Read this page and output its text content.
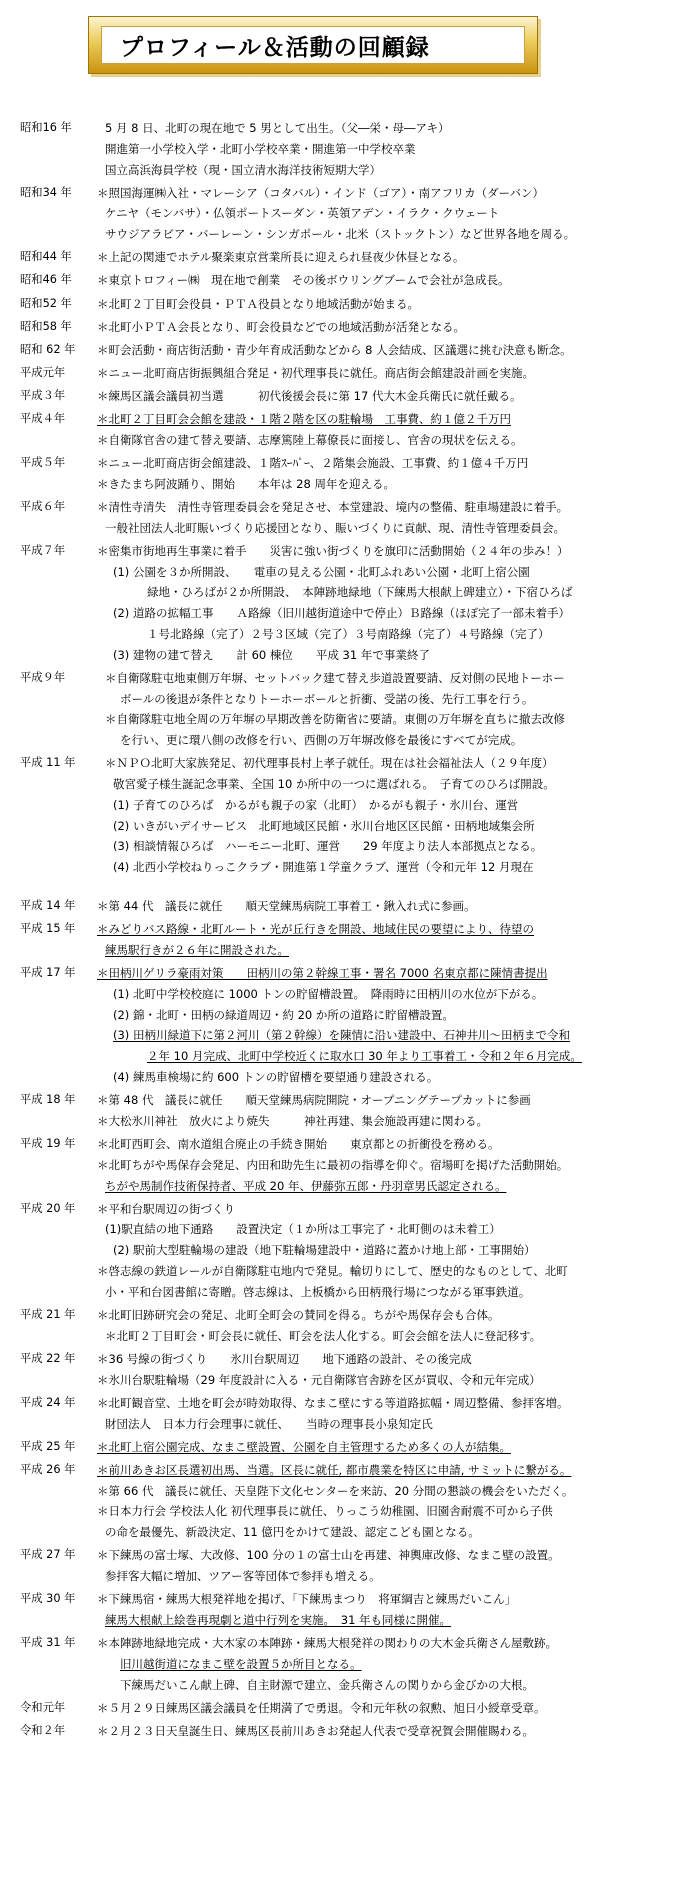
プロフィール＆活動の回顧録
昭和16 年	5 月 8 日、北町の現在地で 5 男として出生。（父―栄・母―アキ）
開進第一小学校入学・北町小学校卒業・開進第一中学校卒業
国立高浜海員学校（現・国立清水海洋技術短期大学）
昭和34 年 ＊照国海運㈱入社・マレーシア（コタバル）・インド（ゴア）・南アフリカ（ダーバン）
ケニヤ（モンバサ）・仏領ポートスーダン・英領アデン・イラク・クウェート
サウジアラビア・バーレーン・シンガポール・北米（ストックトン）など世界各地を周る。
昭和44 年 ＊上記の関連でホテル聚楽東京営業所長に迎えられ昼夜少休昼となる。
昭和46 年 ＊東京トロフィー㈱　現在地で創業　その後ボウリングブームで会社が急成長。
昭和52 年 ＊北町２丁目町会役員・ＰＴＡ役員となり地域活動が始まる。
昭和58 年 ＊北町小ＰＴＡ会長となり、町会役員などでの地域活動が活発となる。
昭和 62 年 ＊町会活動・商店街活動・青少年育成活動などから 8 人会結成、区議選に挑む決意も断念。
平成元年	＊ニュー北町商店街振興組合発足・初代理事長に就任。商店街会館建設計画を実施。
平成３年	＊練馬区議会議員初当選　　　初代後援会長に第 17 代大木金兵衛氏に就任戴る。
平成４年	＊北町２丁目町会会館を建設・１階２階を区の駐輪場　工事費、約１億２千万円
＊自衛隊官舎の建て替え要請、志摩篤陸上幕僚長に面接し、官舎の現状を伝える。
平成５年	＊ニュー北町商店街会館建設、１階ｽｰﾊﾟｰ、２階集会施設、工事費、約１億４千万円
＊きたまち阿波踊り、開始　　本年は 28 周年を迎える。
平成６年	＊清性寺清失　清性寺管理委員会を発足させ、本堂建設、境内の整備、駐車場建設に着手。
一般社団法人北町賑いづくり応援団となり、賑いづくりに貢献、現、清性寺管理委員会。
平成７年	＊密集市街地再生事業に着手　　災害に強い街づくりを旗印に活動開始（２４年の歩み！）
(1) 公園を３か所開設、　　電車の見える公園・北町ふれあい公園・北町上宿公園
緑地・ひろばが２か所開設、　本陣跡地緑地（下練馬大根献上碑建立）・下宿ひろば
(2) 道路の拡幅工事　　Ａ路線（旧川越街道途中で停止）Ｂ路線（ほぼ完了一部未着手）
１号北路線（完了）２号３区域（完了）３号南路線（完了）４号路線（完了）
(3) 建物の建て替え　　計 60 棟位　　平成 31 年で事業終了
平成９年	＊自衛隊駐屯地東側万年塀、セットバック建て替え歩道設置要請、反対側の民地トーホー
ボールの後退が条件となりトーホーボールと折衝、受諾の後、先行工事を行う。
＊自衛隊駐屯地全周の万年塀の早期改善を防衛省に要請。東側の万年塀を直ちに撤去改修
を行い、更に環八側の改修を行い、西側の万年塀改修を最後にすべてが完成。
平成 11 年	＊ＮＰＯ北町大家族発足、初代理事長村上孝子就任。現在は社会福祉法人（２９年度）
敬宮愛子様生誕記念事業、全国 10 か所中の一つに選ばれる。　子育てのひろば開設。
(1) 子育てのひろば　かるがも親子の家（北町）　かるがも親子・氷川台、運営
(2) いきがいデイサービス　北町地域区民館・氷川台地区区民館・田柄地域集会所
(3) 相談情報ひろば　ハーモニー北町、運営　　29 年度より法人本部拠点となる。
(4) 北西小学校ねりっこクラブ・開進第１学童クラブ、運営（令和元年 12 月現在
平成 14 年 ＊第 44 代　議長に就任　　順天堂練馬病院工事着工・鍬入れ式に参画。
平成 15 年 ＊みどりバス路線・北町ルート・光が丘行きを開設、地域住民の要望により、待望の
練馬駅行きが２６年に開設された。
平成 17 年 ＊田柄川ゲリラ豪雨対策　　田柄川の第２幹線工事・署名 7000 名東京都に陳情書提出
(1) 北町中学校校庭に 1000 トンの貯留槽設置。　降雨時に田柄川の水位が下がる。
(2) 錦・北町・田柄の緑道周辺・約 20 か所の道路に貯留槽設置。
(3) 田柄川緑道下に第２河川（第２幹線）を陳情に沿い建設中、石神井川～田柄まで令和
２年 10 月完成、北町中学校近くに取水口 30 年より工事着工・令和２年６月完成。
(4) 練馬車検場に約 600 トンの貯留槽を要望通り建設される。
平成 18 年 ＊第 48 代　議長に就任　　順天堂練馬病院開院・オープニングテープカットに参画
＊大松氷川神社　放火により焼失　　　神社再建、集会施設再建に関わる。
平成 19 年 ＊北町西町会、南水道組合廃止の手続き開始　　東京都との折衝役を務める。
＊北町ちがや馬保存会発足、内田和助先生に最初の指導を仰ぐ。宿場町を掲げた活動開始。
ちがや馬制作技術保持者、平成 20 年、伊藤弥五郎・丹羽章男氏認定される。
平成 20 年 ＊平和台駅周辺の街づくり
(1)駅直結の地下通路　　設置決定（１か所は工事完了・北町側のは未着工）
(2) 駅前大型駐輪場の建設（地下駐輪場建設中・道路に蓋かけ地上部・工事開始）
＊啓志線の鉄道レールが自衛隊駐屯地内で発見。輸切りにして、歴史的なものとして、北町
小・平和台図書館に寄贈。啓志線は、上板橋から田柄飛行場につながる軍事鉄道。
平成 21 年 ＊北町旧跡研究会の発足、北町全町会の賛同を得る。ちがや馬保存会も合体。
＊北町２丁目町会・町会長に就任、町会を法人化する。町会会館を法人に登記移す。
平成 22 年 ＊36 号線の街づくり　　氷川台駅周辺　　地下通路の設計、その後完成
＊氷川台駅駐輪場（29 年度設計に入る・元自衛隊官舎跡を区が買収、令和元年完成）
平成 24 年 ＊北町観音堂、土地を町会が時効取得、なまこ壁にする等道路拡幅・周辺整備、参拝客増。
財団法人　日本力行会理事に就任、　　当時の理事長小泉知定氏
平成 25 年 ＊北町上宿公園完成、なまこ壁設置、公園を自主管理するため多くの人が結集。
平成 26 年 ＊前川あきお区長選初出馬、当選。区長に就任, 都市農業を特区に申請, サミットに繋がる。
＊第 66 代　議長に就任、天皇陛下文化センターを来訪、20 分間の懇談の機会をいただく。
＊日本力行会 学校法人化 初代理事長に就任、りっこう幼稚園、旧園舎耐震不可から子供
の命を最優先、新設決定、11 億円をかけて建設、認定こども園となる。
平成 27 年 ＊下練馬の富士塚、大改修、100 分の１の富士山を再建、神輿庫改修、なまこ壁の設置。
参拝客大幅に増加、ツアー客等団体で参拝も増える。
平成 30 年 ＊下練馬宿・練馬大根発祥地を掲げ、「下練馬まつり　将軍綱吉と練馬だいこん」
練馬大根献上絵巻再現劇と道中行列を実施。　31 年も同様に開催。
平成 31 年 ＊本陣跡地緑地完成・大木家の本陣跡・練馬大根発祥の関わりの大木金兵衛さん屋敷跡。
旧川越街道になまこ壁を設置５か所目となる。
下練馬だいこん献上碑、自主財源で建立、金兵衛さんの関りから金びかの大根。
令和元年	＊５月２９日練馬区議会議員を任期満了で勇退。令和元年秋の叙勲、旭日小綬章受章。
令和２年	＊２月２３日天皇誕生日、練馬区長前川あきお発起人代表で受章祝賀会開催賜わる。
